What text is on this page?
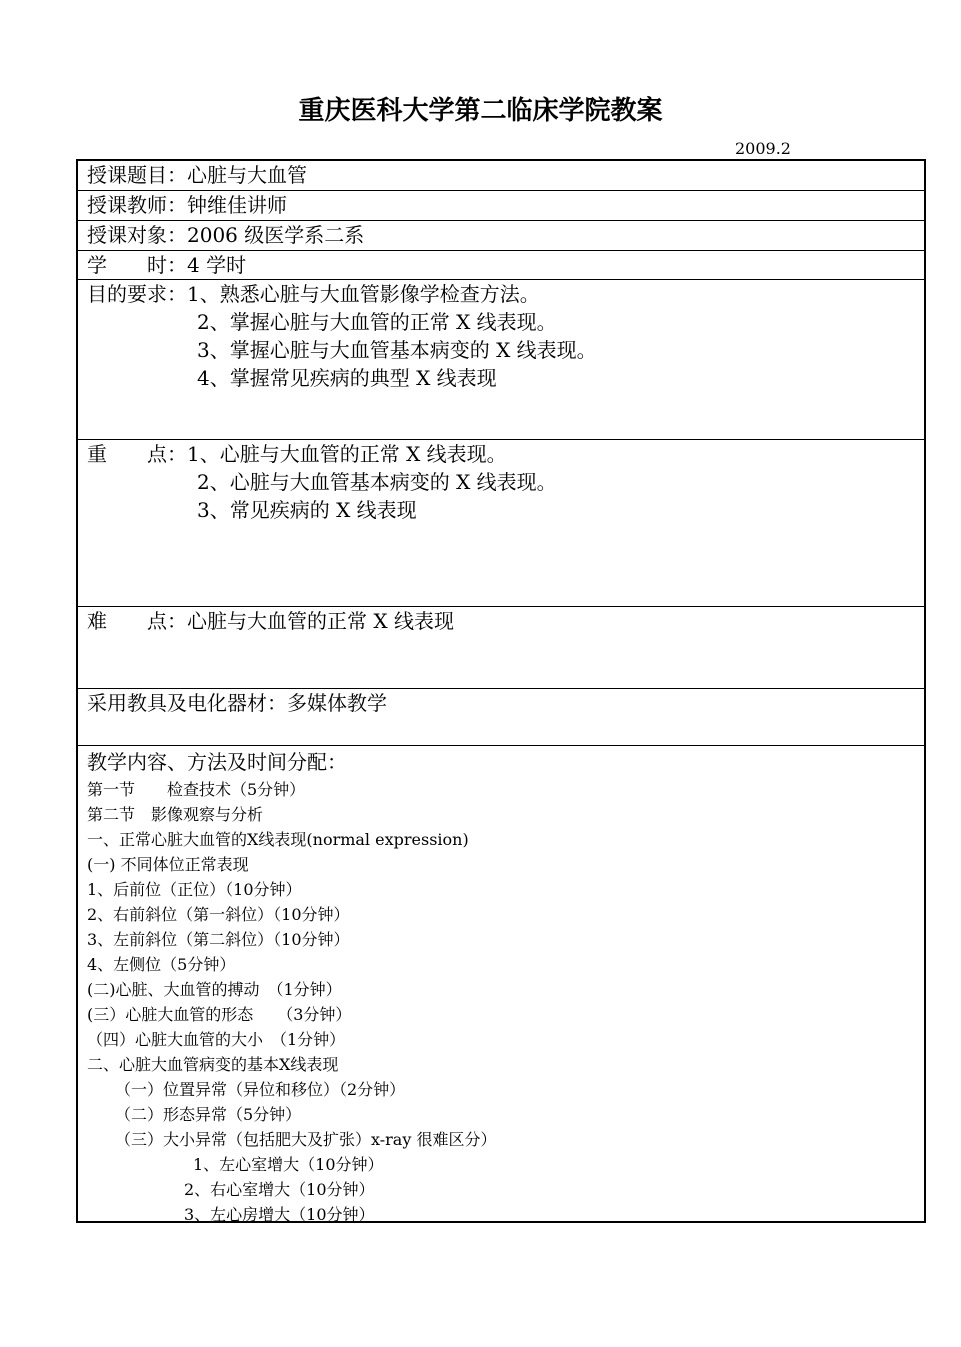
重庆医科大学第二临床学院教案
2009.2
授课题目：心脏与大血管
授课教师：钟维佳讲师
授课对象：2006 级医学系二系
学　　时：4 学时
目的要求：1、熟悉心脏与大血管影像学检查方法。
2、掌握心脏与大血管的正常 X 线表现。
3、掌握心脏与大血管基本病变的 X 线表现。
4、掌握常见疾病的典型 X 线表现
重　　点：1、心脏与大血管的正常 X 线表现。
2、心脏与大血管基本病变的 X 线表现。
3、常见疾病的 X 线表现
难　　点：心脏与大血管的正常 X 线表现
采用教具及电化器材：多媒体教学
教学内容、方法及时间分配：
第一节　　检查技术（5分钟）
第二节　影像观察与分析
一、正常心脏大血管的X线表现(normal expression)
(一) 不同体位正常表现
1、后前位（正位）（10分钟）
2、右前斜位（第一斜位）（10分钟）
3、左前斜位（第二斜位）（10分钟）
4、左侧位（5分钟）
(二)心脏、大血管的搏动　（1分钟）
(三）心脏大血管的形态　　（3分钟）
（四）心脏大血管的大小　（1分钟）
二、心脏大血管病变的基本X线表现
（一）位置异常（异位和移位）（2分钟）
（二）形态异常（5分钟）
（三）大小异常（包括肥大及扩张）x-ray 很难区分）
1、左心室增大（10分钟）
2、右心室增大（10分钟）
3、左心房增大（10分钟）
